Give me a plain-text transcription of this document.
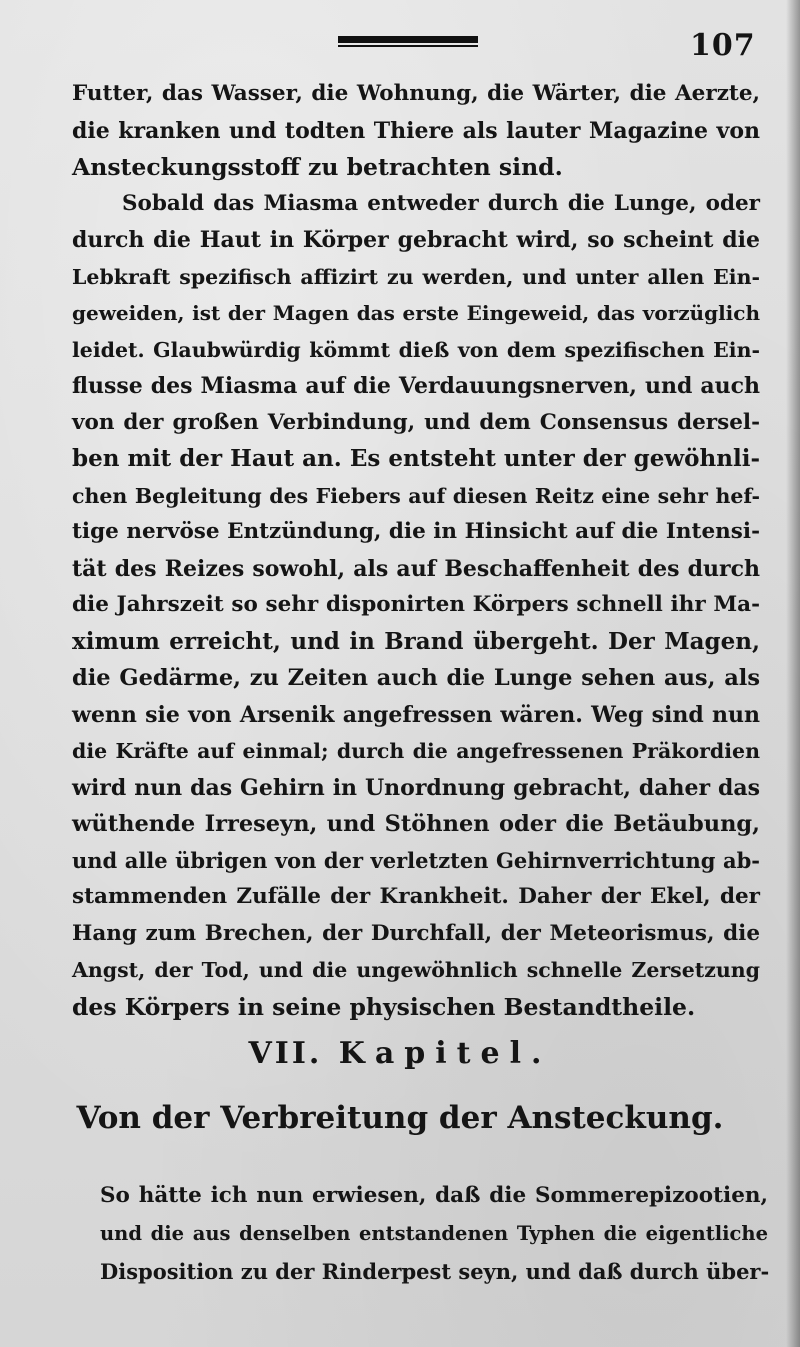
107
Futter, das Wasser, die Wohnung, die Wärter, die Aerzte,
die kranken und todten Thiere als lauter Magazine von
Ansteckungsstoff zu betrachten sind.
Sobald das Miasma entweder durch die Lunge, oder
durch die Haut in Körper gebracht wird, so scheint die
Lebkraft spezifisch affizirt zu werden, und unter allen Ein-
geweiden, ist der Magen das erste Eingeweid, das vorzüglich
leidet. Glaubwürdig kömmt dieß von dem spezifischen Ein-
flusse des Miasma auf die Verdauungsnerven, und auch
von der großen Verbindung, und dem Consensus dersel-
ben mit der Haut an. Es entsteht unter der gewöhnli-
chen Begleitung des Fiebers auf diesen Reitz eine sehr hef-
tige nervöse Entzündung, die in Hinsicht auf die Intensi-
tät des Reizes sowohl, als auf Beschaffenheit des durch
die Jahrszeit so sehr disponirten Körpers schnell ihr Ma-
ximum erreicht, und in Brand übergeht. Der Magen,
die Gedärme, zu Zeiten auch die Lunge sehen aus, als
wenn sie von Arsenik angefressen wären. Weg sind nun
die Kräfte auf einmal; durch die angefressenen Präkordien
wird nun das Gehirn in Unordnung gebracht, daher das
wüthende Irreseyn, und Stöhnen oder die Betäubung,
und alle übrigen von der verletzten Gehirnverrichtung ab-
stammenden Zufälle der Krankheit. Daher der Ekel, der
Hang zum Brechen, der Durchfall, der Meteorismus, die
Angst, der Tod, und die ungewöhnlich schnelle Zersetzung
des Körpers in seine physischen Bestandtheile.
VII. Kapitel.
Von der Verbreitung der Ansteckung.
So hätte ich nun erwiesen, daß die Sommerepizootien,
und die aus denselben entstandenen Typhen die eigentliche
Disposition zu der Rinderpest seyn, und daß durch über-
